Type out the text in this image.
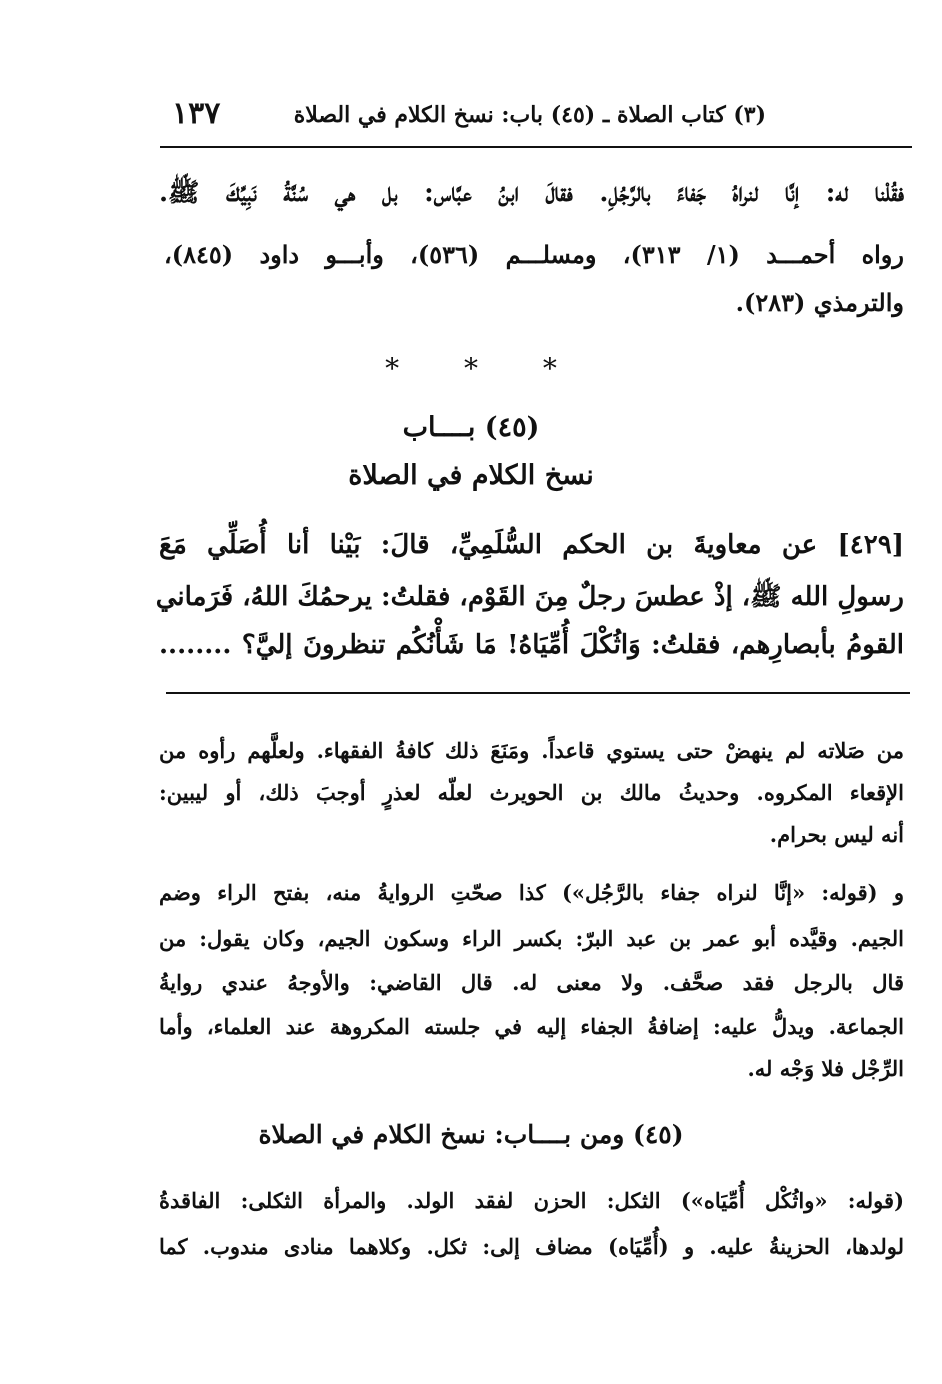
١٣٧	(٣) كتاب الصلاة ـ (٤٥) باب: نسخ الكلام في الصلاة
فقُلْنا له: إنَّا لنراهُ جَفاءً بالرَّجُلِ. فقالَ ابنُ عبَّاس: بل هي سُنَّةُ نَبِيِّكَ ﷺ.
رواه أحمـــد (١/ ٣١٣)، ومسلـــم (٥٣٦)، وأبـــو داود (٨٤٥)،
والترمذي (٢٨٣).
* * *
(٤٥) بــــاب
نسخ الكلام في الصلاة
[٤٢٩] عن معاويةَ بن الحكم السُّلَمِيِّ، قالَ: بَيْنا أنا أُصَلِّي مَعَ
رسولِ الله ﷺ، إذْ عطسَ رجلٌ مِنَ القَوْم، فقلتُ: يرحمُكَ اللهُ، فَرَماني
القومُ بأبصارِهم، فقلتُ: وَاثُكْلَ أُمِّيَاهُ! مَا شَأْنُكُم تنظرونَ إليَّ؟ ........
من صَلاته لم ينهضْ حتى يستوي قاعداً. ومَنَعَ ذلك كافةُ الفقهاء. ولعلَّهم رأوه من
الإقعاء المكروه. وحديثُ مالك بن الحويرث لعلّه لعذرٍ أوجبَ ذلك، أو ليبين:
أنه ليس بحرام.
و (قوله: «إنَّا لنراه جفاء بالرَّجُل») كذا صحّتِ الروايةُ منه، بفتح الراء وضم
الجيم. وقيَّده أبو عمر بن عبد البرّ: بكسر الراء وسكون الجيم، وكان يقول: من
قال بالرجل فقد صحَّف. ولا معنى له. قال القاضي: والأوجهُ عندي روايةُ
الجماعة. ويدلُّ عليه: إضافةُ الجفاء إليه في جلسته المكروهة عند العلماء، وأما
الرِّجْل فلا وَجْه له.
(٤٥) ومن بــــاب: نسخ الكلام في الصلاة
(قوله: «واثُكْل أُمِّيَاه») الثكل: الحزن لفقد الولد. والمرأة الثكلى: الفاقدةُ
لولدها، الحزينةُ عليه. و (أُمِّيَاه) مضاف إلى: ثكل. وكلاهما منادى مندوب. كما
